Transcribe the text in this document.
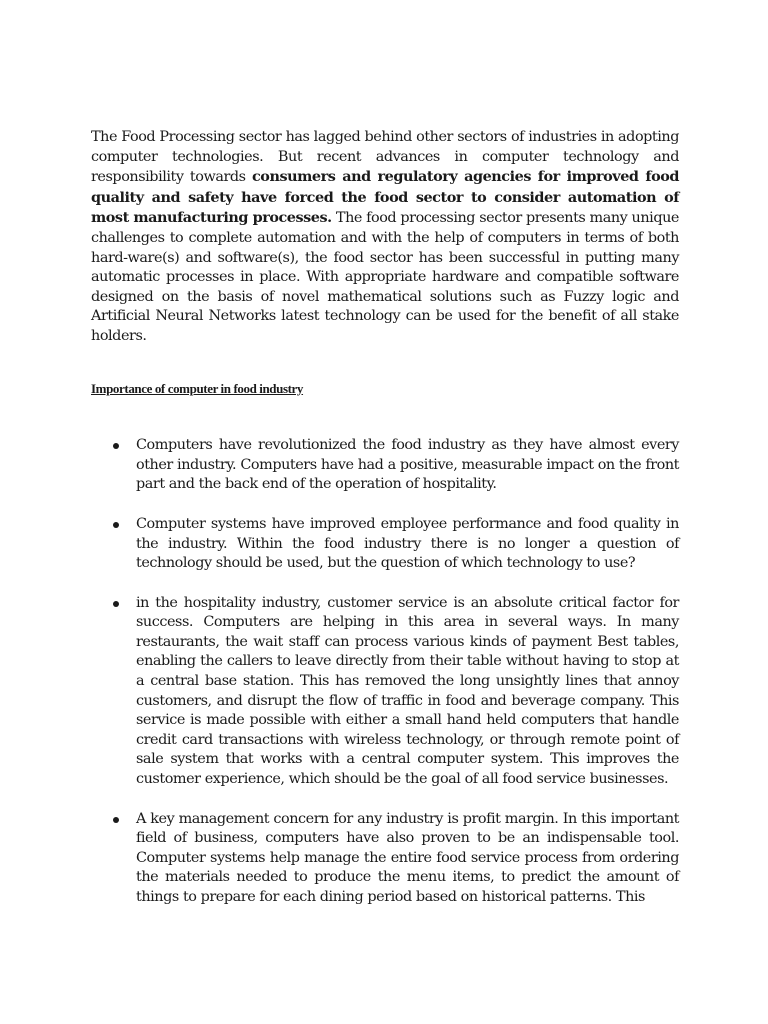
The Food Processing sector has lagged behind other sectors of industries in adopting computer technologies. But recent advances in computer technology and responsibility towards consumers and regulatory agencies for improved food quality and safety have forced the food sector to consider automation of most manufacturing processes. The food processing sector presents many unique challenges to complete automation and with the help of computers in terms of both hard-ware(s) and software(s), the food sector has been successful in putting many automatic processes in place. With appropriate hardware and compatible software designed on the basis of novel mathematical solutions such as Fuzzy logic and Artificial Neural Networks latest technology can be used for the benefit of all stake holders.

Importance of computer in food industry
Computers have revolutionized the food industry as they have almost every other industry. Computers have had a positive, measurable impact on the front part and the back end of the operation of hospitality.
Computer systems have improved employee performance and food quality in the industry. Within the food industry there is no longer a question of technology should be used, but the question of which technology to use?
in the hospitality industry, customer service is an absolute critical factor for success. Computers are helping in this area in several ways. In many restaurants, the wait staff can process various kinds of payment Best tables, enabling the callers to leave directly from their table without having to stop at a central base station. This has removed the long unsightly lines that annoy customers, and disrupt the flow of traffic in food and beverage company. This service is made possible with either a small hand held computers that handle credit card transactions with wireless technology, or through remote point of sale system that works with a central computer system. This improves the customer experience, which should be the goal of all food service businesses.
A key management concern for any industry is profit margin. In this important field of business, computers have also proven to be an indispensable tool. Computer systems help manage the entire food service process from ordering the materials needed to produce the menu items, to predict the amount of things to prepare for each dining period based on historical patterns. This
